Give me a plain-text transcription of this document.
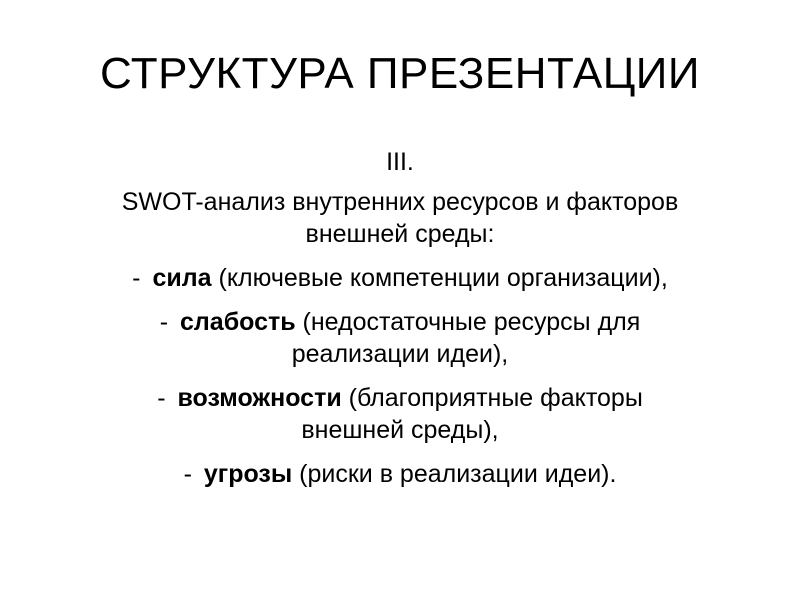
СТРУКТУРА ПРЕЗЕНТАЦИИ
III.
SWOT-анализ внутренних ресурсов и факторов
внешней среды:
- сила (ключевые компетенции организации),
- слабость (недостаточные ресурсы для
реализации идеи),
- возможности (благоприятные факторы
внешней среды),
- угрозы (риски в реализации идеи).
